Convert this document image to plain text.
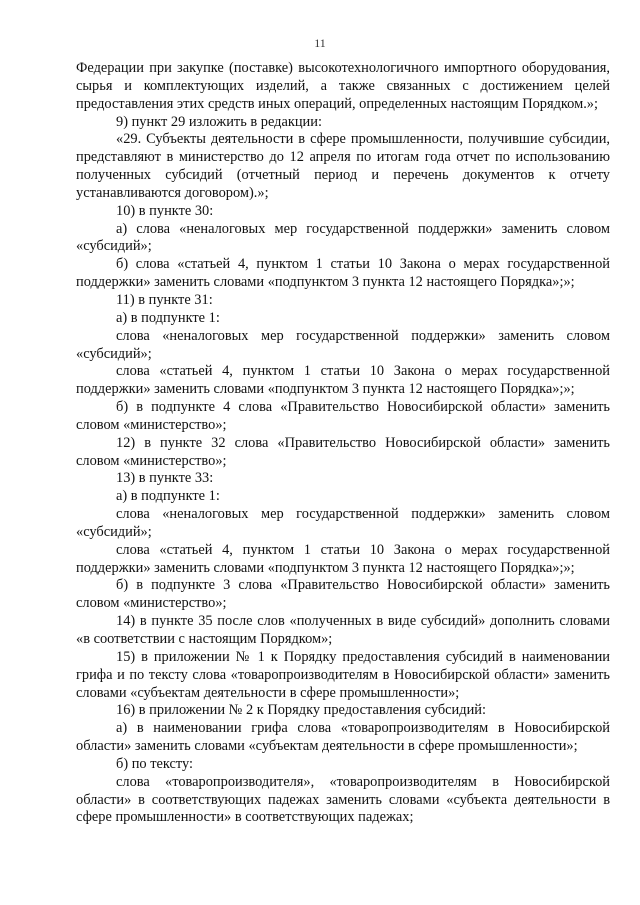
11

Федерации при закупке (поставке) высокотехнологичного импортного оборудования, сырья и комплектующих изделий, а также связанных с достижением целей предоставления этих средств иных операций, определенных настоящим Порядком.»;

9) пункт 29 изложить в редакции:

«29. Субъекты деятельности в сфере промышленности, получившие субсидии, представляют в министерство до 12 апреля по итогам года отчет по использованию полученных субсидий (отчетный период и перечень документов к отчету устанавливаются договором).»;

10) в пункте 30:

а) слова «неналоговых мер государственной поддержки» заменить словом «субсидий»;

б) слова «статьей 4, пунктом 1 статьи 10 Закона о мерах государственной поддержки» заменить словами «подпунктом 3 пункта 12 настоящего Порядка»;»;

11) в пункте 31:

а) в подпункте 1:

слова «неналоговых мер государственной поддержки» заменить словом «субсидий»;

слова «статьей 4, пунктом 1 статьи 10 Закона о мерах государственной поддержки» заменить словами «подпунктом 3 пункта 12 настоящего Порядка»;»;

б) в подпункте 4 слова «Правительство Новосибирской области» заменить словом «министерство»;

12) в пункте 32 слова «Правительство Новосибирской области» заменить словом «министерство»;

13) в пункте 33:

а) в подпункте 1:

слова «неналоговых мер государственной поддержки» заменить словом «субсидий»;

слова «статьей 4, пунктом 1 статьи 10 Закона о мерах государственной поддержки» заменить словами «подпунктом 3 пункта 12 настоящего Порядка»;»;

б) в подпункте 3 слова «Правительство Новосибирской области» заменить словом «министерство»;

14) в пункте 35 после слов «полученных в виде субсидий» дополнить словами «в соответствии с настоящим Порядком»;

15) в приложении № 1 к Порядку предоставления субсидий в наименовании грифа и по тексту слова «товаропроизводителям в Новосибирской области» заменить словами «субъектам деятельности в сфере промышленности»;

16) в приложении № 2 к Порядку предоставления субсидий:

а) в наименовании грифа слова «товаропроизводителям в Новосибирской области» заменить словами «субъектам деятельности в сфере промышленности»;

б) по тексту:

слова «товаропроизводителя», «товаропроизводителям в Новосибирской области» в соответствующих падежах заменить словами «субъекта деятельности в сфере промышленности» в соответствующих падежах;
